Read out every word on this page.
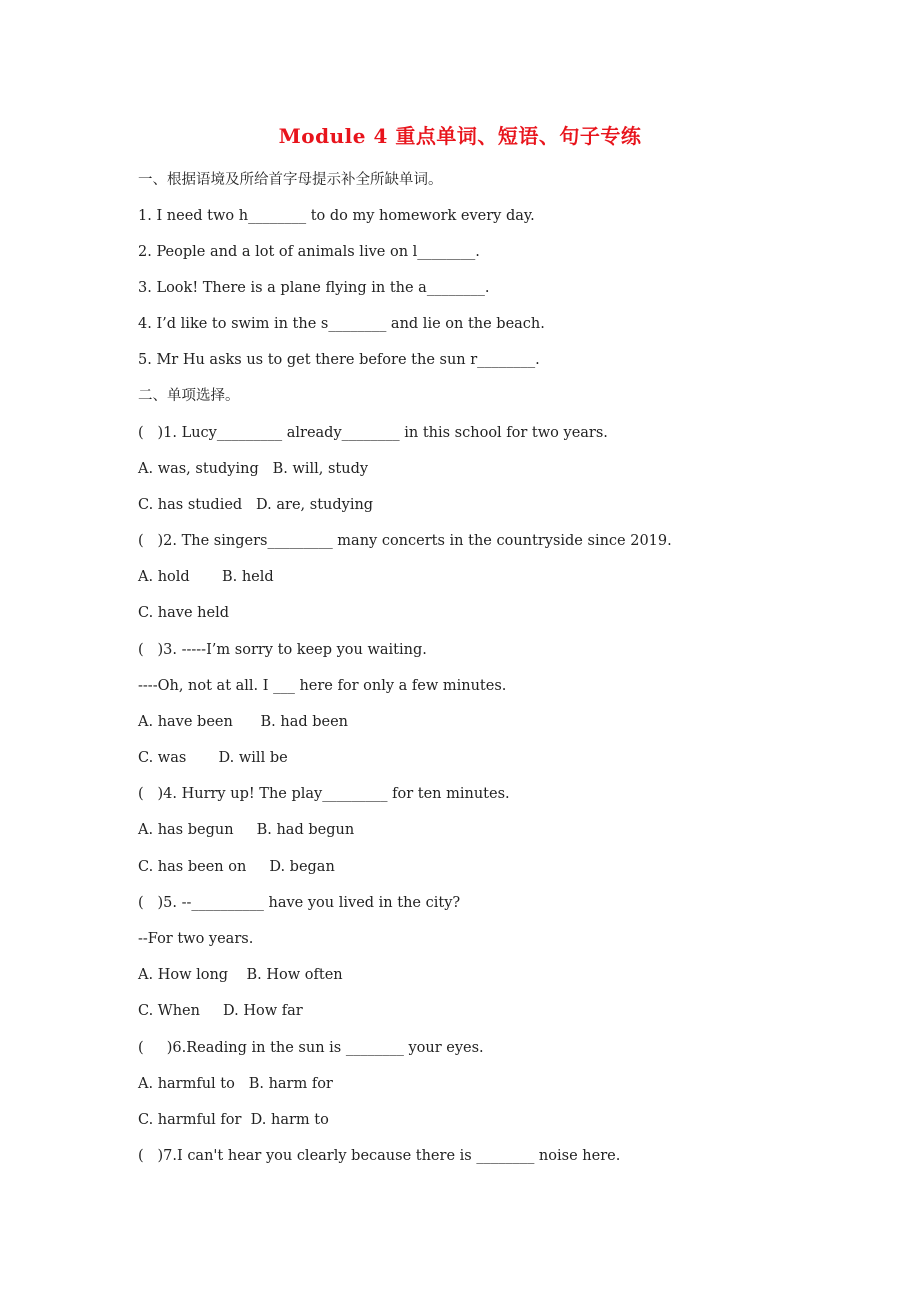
Module 4 重点单词、短语、句子专练
一、根据语境及所给首字母提示补全所缺单词。
1. I need two h________ to do my homework every day.
2. People and a lot of animals live on l________.
3. Look! There is a plane flying in the a________.
4. I’d like to swim in the s________ and lie on the beach.
5. Mr Hu asks us to get there before the sun r________.
二、单项选择。
(   )1. Lucy_________ already________ in this school for two years.
A. was, studying   B. will, study
C. has studied   D. are, studying
(   )2. The singers_________ many concerts in the countryside since 2019.
A. hold       B. held
C. have held
(   )3. -----I’m sorry to keep you waiting.
----Oh, not at all. I ___ here for only a few minutes.
A. have been      B. had been
C. was       D. will be
(   )4. Hurry up! The play_________ for ten minutes.
A. has begun     B. had begun
C. has been on     D. began
(   )5. --__________ have you lived in the city?
--For two years.
A. How long    B. How often
C. When     D. How far
(     )6.Reading in the sun is ________ your eyes.
A. harmful to   B. harm for
C. harmful for  D. harm to
(   )7.I can't hear you clearly because there is ________ noise here.
